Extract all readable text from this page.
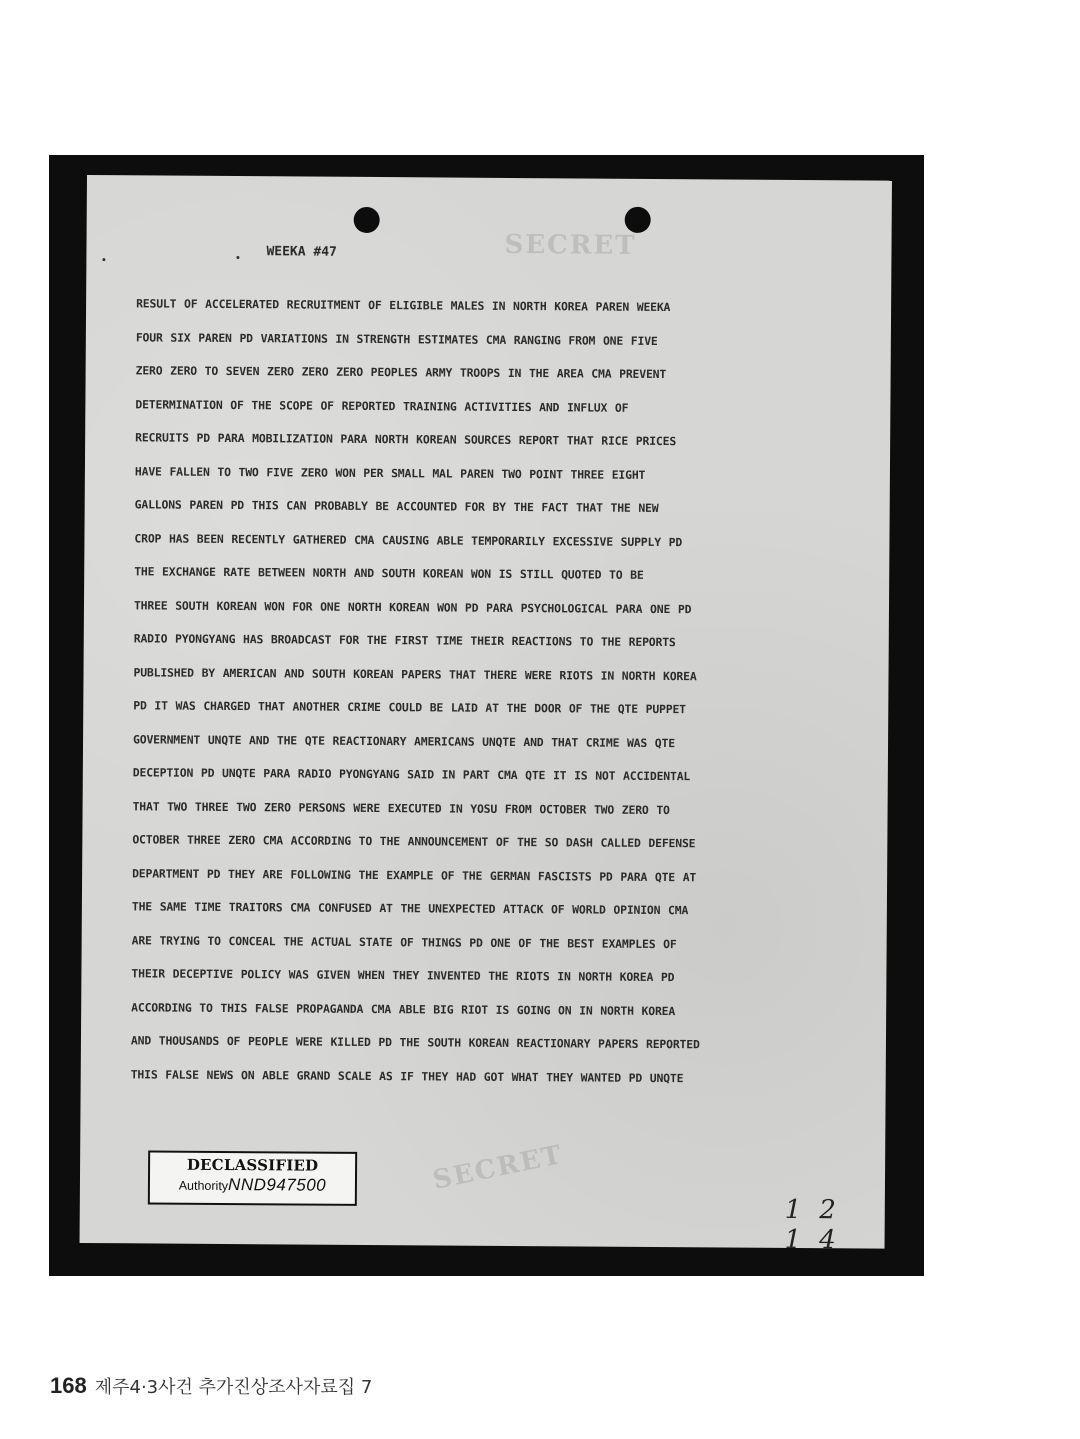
WEEKA #47	SECRET
RESULT OF ACCELERATED RECRUITMENT OF ELIGIBLE MALES IN NORTH KOREA PAREN WEEKA
FOUR SIX PAREN PD VARIATIONS IN STRENGTH ESTIMATES CMA RANGING FROM ONE FIVE
ZERO ZERO TO SEVEN ZERO ZERO ZERO PEOPLES ARMY TROOPS IN THE AREA CMA PREVENT
DETERMINATION OF THE SCOPE OF REPORTED TRAINING ACTIVITIES AND INFLUX OF
RECRUITS PD PARA MOBILIZATION PARA NORTH KOREAN SOURCES REPORT THAT RICE PRICES
HAVE FALLEN TO TWO FIVE ZERO WON PER SMALL MAL PAREN TWO POINT THREE EIGHT
GALLONS PAREN PD THIS CAN PROBABLY BE ACCOUNTED FOR BY THE FACT THAT THE NEW
CROP HAS BEEN RECENTLY GATHERED CMA CAUSING ABLE TEMPORARILY EXCESSIVE SUPPLY PD
THE EXCHANGE RATE BETWEEN NORTH AND SOUTH KOREAN WON IS STILL QUOTED TO BE
THREE SOUTH KOREAN WON FOR ONE NORTH KOREAN WON PD PARA PSYCHOLOGICAL PARA ONE PD
RADIO PYONGYANG HAS BROADCAST FOR THE FIRST TIME THEIR REACTIONS TO THE REPORTS
PUBLISHED BY AMERICAN AND SOUTH KOREAN PAPERS THAT THERE WERE RIOTS IN NORTH KOREA
PD IT WAS CHARGED THAT ANOTHER CRIME COULD BE LAID AT THE DOOR OF THE QTE PUPPET
GOVERNMENT UNQTE AND THE QTE REACTIONARY AMERICANS UNQTE AND THAT CRIME WAS QTE
DECEPTION PD UNQTE PARA RADIO PYONGYANG SAID IN PART CMA QTE IT IS NOT ACCIDENTAL
THAT TWO THREE TWO ZERO PERSONS WERE EXECUTED IN YOSU FROM OCTOBER TWO ZERO TO
OCTOBER THREE ZERO CMA ACCORDING TO THE ANNOUNCEMENT OF THE SO DASH CALLED DEFENSE
DEPARTMENT PD THEY ARE FOLLOWING THE EXAMPLE OF THE GERMAN FASCISTS PD PARA QTE AT
THE SAME TIME TRAITORS CMA CONFUSED AT THE UNEXPECTED ATTACK OF WORLD OPINION CMA
ARE TRYING TO CONCEAL THE ACTUAL STATE OF THINGS PD ONE OF THE BEST EXAMPLES OF
THEIR DECEPTIVE POLICY WAS GIVEN WHEN THEY INVENTED THE RIOTS IN NORTH KOREA PD
ACCORDING TO THIS FALSE PROPAGANDA CMA ABLE BIG RIOT IS GOING ON IN NORTH KOREA
AND THOUSANDS OF PEOPLE WERE KILLED PD THE SOUTH KOREAN REACTIONARY PAPERS REPORTED
THIS FALSE NEWS ON ABLE GRAND SCALE AS IF THEY HAD GOT WHAT THEY WANTED PD UNQTE
DECLASSIFIED
AuthorityNND947500	SECRET
12 14
168 제주4·3사건 추가진상조사자료집 7
